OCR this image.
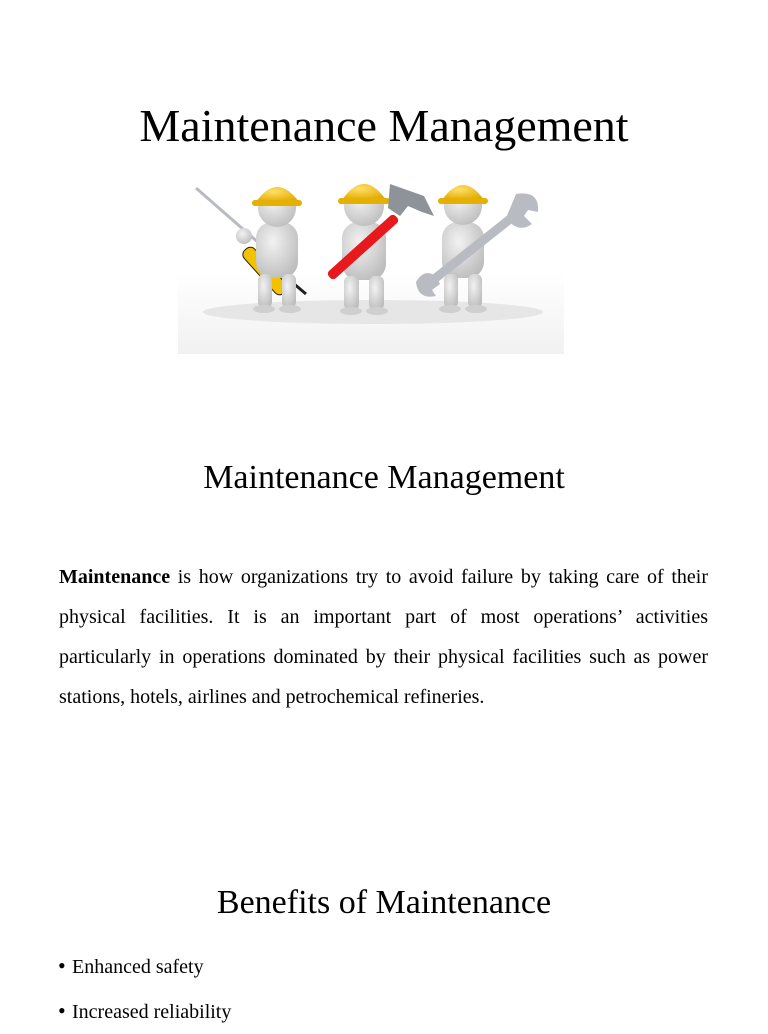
Maintenance Management
Maintenance Management

Maintenance is how organizations try to avoid failure by taking care of their physical facilities. It is an important part of most operations’ activities particularly in operations dominated by their physical facilities such as power stations, hotels, airlines and petrochemical refineries.

Benefits of Maintenance
• Enhanced safety
• Increased reliability
